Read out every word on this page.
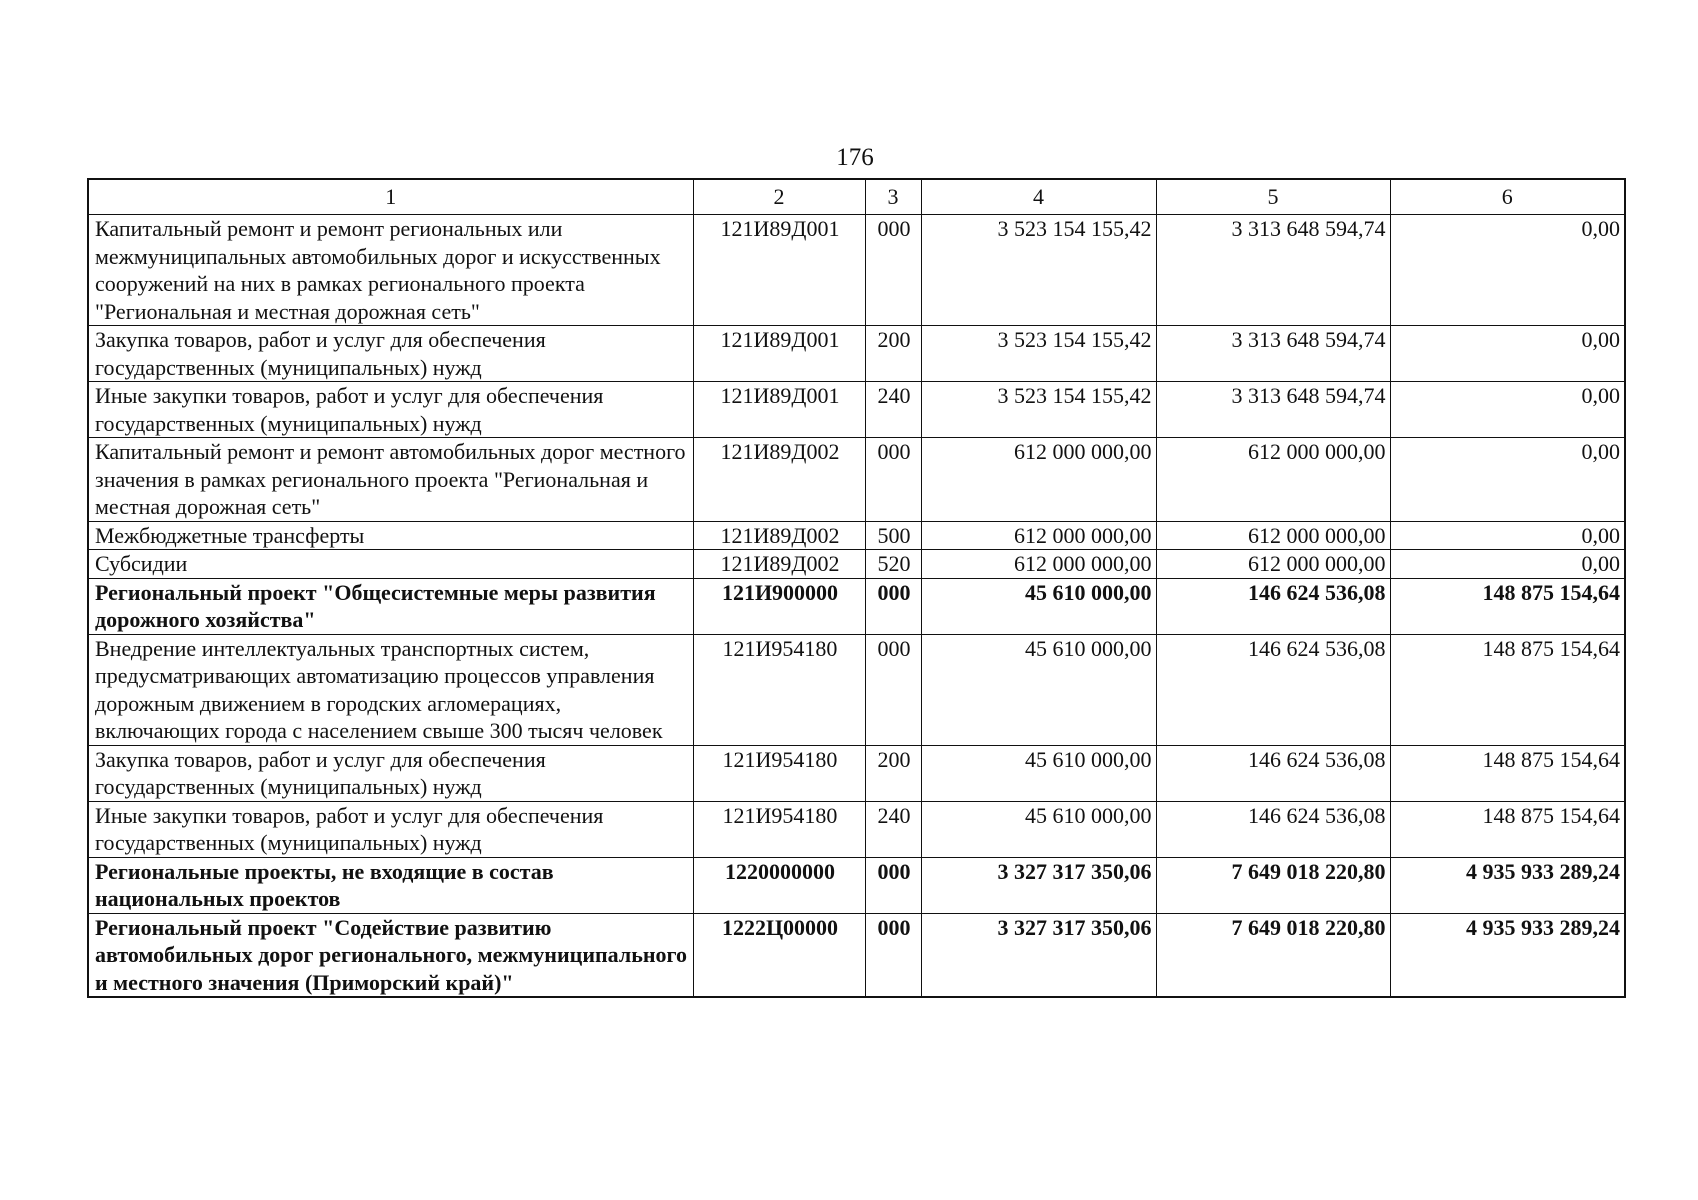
176
1	2	3	4	5	6
Капитальный ремонт и ремонт региональных или межмуниципальных автомобильных дорог и искусственных сооружений на них в рамках регионального проекта "Региональная и местная дорожная сеть"	121И89Д001	000	3 523 154 155,42	3 313 648 594,74	0,00
Закупка товаров, работ и услуг для обеспечения государственных (муниципальных) нужд	121И89Д001	200	3 523 154 155,42	3 313 648 594,74	0,00
Иные закупки товаров, работ и услуг для обеспечения государственных (муниципальных) нужд	121И89Д001	240	3 523 154 155,42	3 313 648 594,74	0,00
Капитальный ремонт и ремонт автомобильных дорог местного значения в рамках регионального проекта "Региональная и местная дорожная сеть"	121И89Д002	000	612 000 000,00	612 000 000,00	0,00
Межбюджетные трансферты	121И89Д002	500	612 000 000,00	612 000 000,00	0,00
Субсидии	121И89Д002	520	612 000 000,00	612 000 000,00	0,00
Региональный проект "Общесистемные меры развития дорожного хозяйства"	121И900000	000	45 610 000,00	146 624 536,08	148 875 154,64
Внедрение интеллектуальных транспортных систем, предусматривающих автоматизацию процессов управления дорожным движением в городских агломерациях, включающих города с населением свыше 300 тысяч человек	121И954180	000	45 610 000,00	146 624 536,08	148 875 154,64
Закупка товаров, работ и услуг для обеспечения государственных (муниципальных) нужд	121И954180	200	45 610 000,00	146 624 536,08	148 875 154,64
Иные закупки товаров, работ и услуг для обеспечения государственных (муниципальных) нужд	121И954180	240	45 610 000,00	146 624 536,08	148 875 154,64
Региональные проекты, не входящие в состав национальных проектов	1220000000	000	3 327 317 350,06	7 649 018 220,80	4 935 933 289,24
Региональный проект "Содействие развитию автомобильных дорог регионального, межмуниципального и местного значения (Приморский край)"	1222Ц00000	000	3 327 317 350,06	7 649 018 220,80	4 935 933 289,24
